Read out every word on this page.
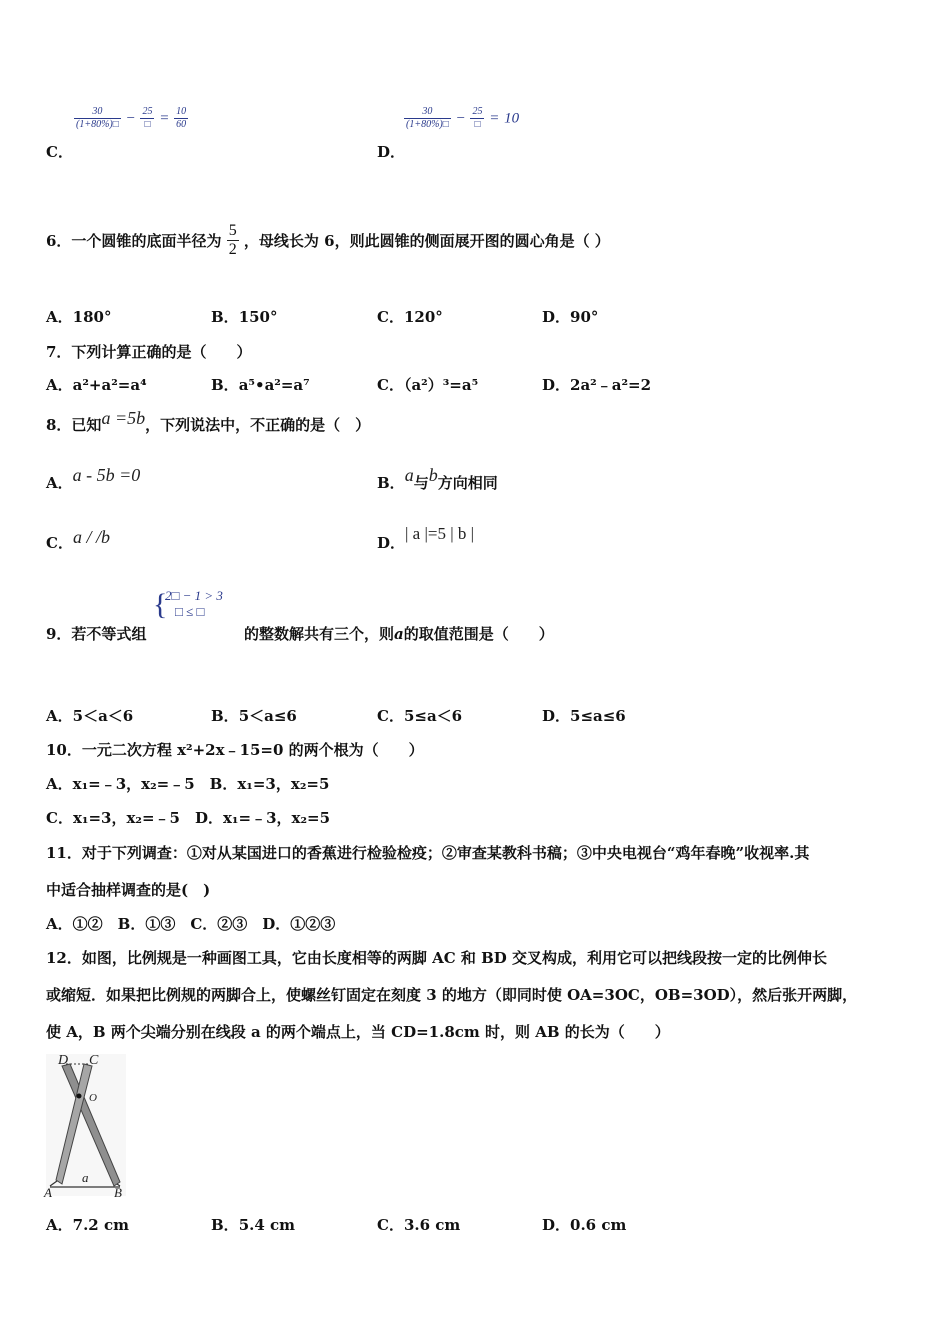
$\frac{30}{(1+80\%)□} - \frac{25}{□} = \frac{10}{60}$
C．
$\frac{30}{(1+80\%)□} - \frac{25}{□} = 10$
D．
6．一个圆锥的底面半径为 $\frac{5}{2}$ ，母线长为 6，则此圆锥的侧面展开图的圆心角是（ ）
A．180°	B．150°	C．120°	D．90°
7．下列计算正确的是（　　）
A．a²+a²=a⁴	B．a⁵•a²=a⁷	C．（a²）³=a⁵	D．2a²﹣a²=2
8．已知a =5b，下列说法中，不正确的是（　）
A．a - 5b =0	B．a与b方向相同
C．a / /b	D．| a |=5 | b |
{
2□ − 1 > 3
□ ≤ □
9．若不等式组	的整数解共有三个，则a的取值范围是（　　）
A．5＜a＜6	B．5＜a≤6	C．5≤a＜6	D．5≤a≤6
10．一元二次方程 x²+2x﹣15=0 的两个根为（　　）
A．x₁=﹣3，x₂=﹣5　B．x₁=3，x₂=5
C．x₁=3，x₂=﹣5　D．x₁=﹣3，x₂=5
11．对于下列调查：①对从某国进口的香蕉进行检验检疫；②审查某教科书稿；③中央电视台“鸡年春晚”收视率.其
中适合抽样调查的是(　)
A．①②　B．①③　C．②③　D．①②③
12．如图，比例规是一种画图工具，它由长度相等的两脚 AC 和 BD 交叉构成，利用它可以把线段按一定的比例伸长
或缩短．如果把比例规的两脚合上，使螺丝钉固定在刻度 3 的地方（即同时使 OA=3OC，OB=3OD），然后张开两脚，
使 A，B 两个尖端分别在线段 a 的两个端点上，当 CD=1.8cm 时，则 AB 的长为（　　）
D C
O
a
A	B
A．7.2 cm	B．5.4 cm	C．3.6 cm	D．0.6 cm
